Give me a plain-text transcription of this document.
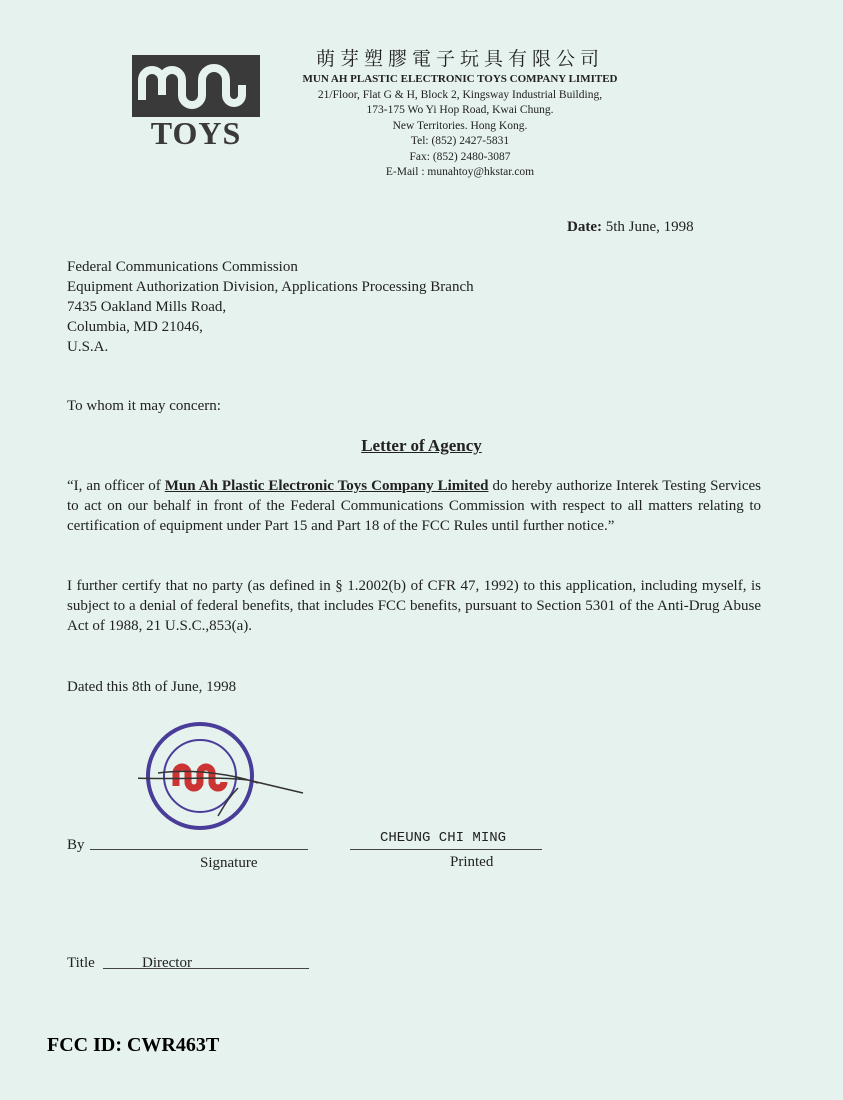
TOYS
萌芽塑膠電子玩具有限公司
MUN AH PLASTIC ELECTRONIC TOYS COMPANY LIMITED
21/Floor, Flat G & H, Block 2, Kingsway Industrial Building,
173-175 Wo Yi Hop Road, Kwai Chung.
New Territories. Hong Kong.
Tel: (852) 2427-5831
Fax: (852) 2480-3087
E-Mail : munahtoy@hkstar.com
Date: 5th June, 1998
Federal Communications Commission
Equipment Authorization Division, Applications Processing Branch
7435 Oakland Mills Road,
Columbia, MD 21046,
U.S.A.
To whom it may concern:
Letter of Agency
“I, an officer of Mun Ah Plastic Electronic Toys Company Limited do hereby authorize Interek Testing Services to act on our behalf in front of the Federal Communications Commission with respect to all matters relating to certification of equipment under Part 15 and Part 18 of the FCC Rules until further notice.”
I further certify that no party (as defined in § 1.2002(b) of CFR 47, 1992) to this application, including myself, is subject to a denial of federal benefits, that includes FCC benefits, pursuant to Section 5301 of the Anti-Drug Abuse Act of 1988, 21 U.S.C.,853(a).
Dated this 8th of June, 1998
By
Signature
CHEUNG CHI MING
Printed
Title	Director
FCC ID: CWR463T
